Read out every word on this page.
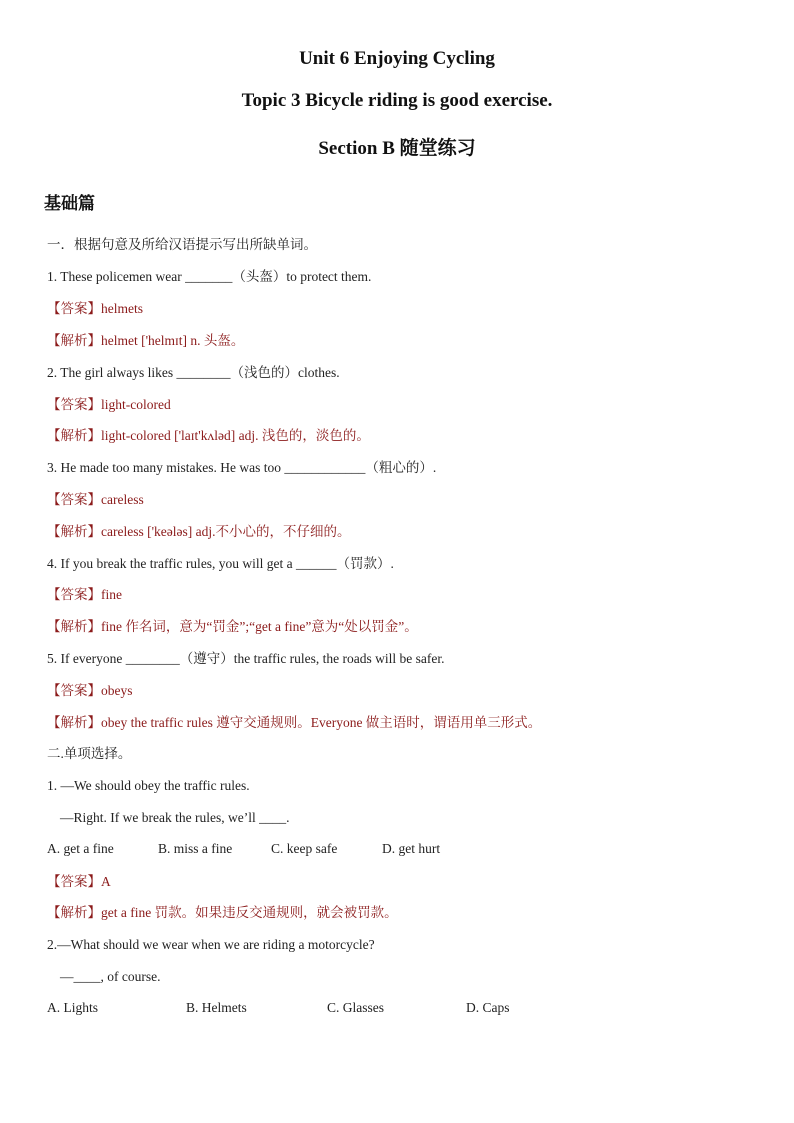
Unit 6 Enjoying Cycling
Topic 3 Bicycle riding is good exercise.
Section B 随堂练习
基础篇
一．根据句意及所给汉语提示写出所缺单词。
1. These policemen wear _______（头盔）to protect them.
【答案】helmets
【解析】helmet ['helmɪt] n. 头盔。
2. The girl always likes ________（浅色的）clothes.
【答案】light-colored
【解析】light-colored ['laɪt'kʌləd] adj. 浅色的，淡色的。
3. He made too many mistakes. He was too ____________（粗心的）.
【答案】careless
【解析】careless ['keələs] adj.不小心的，不仔细的。
4. If you break the traffic rules, you will get a ______（罚款）.
【答案】fine
【解析】fine 作名词，意为“罚金”;“get a fine”意为“处以罚金”。
5. If everyone ________（遵守）the traffic rules, the roads will be safer.
【答案】obeys
【解析】obey the traffic rules 遵守交通规则。Everyone 做主语时，谓语用单三形式。
二.单项选择。
1. —We should obey the traffic rules.
—Right. If we break the rules, we’ll ____.
A. get a fine	B. miss a fine	C. keep safe	D. get hurt
【答案】A
【解析】get a fine 罚款。如果违反交通规则，就会被罚款。
2.—What should we wear when we are riding a motorcycle?
—____, of course.
A. Lights	B. Helmets	C. Glasses	D. Caps
